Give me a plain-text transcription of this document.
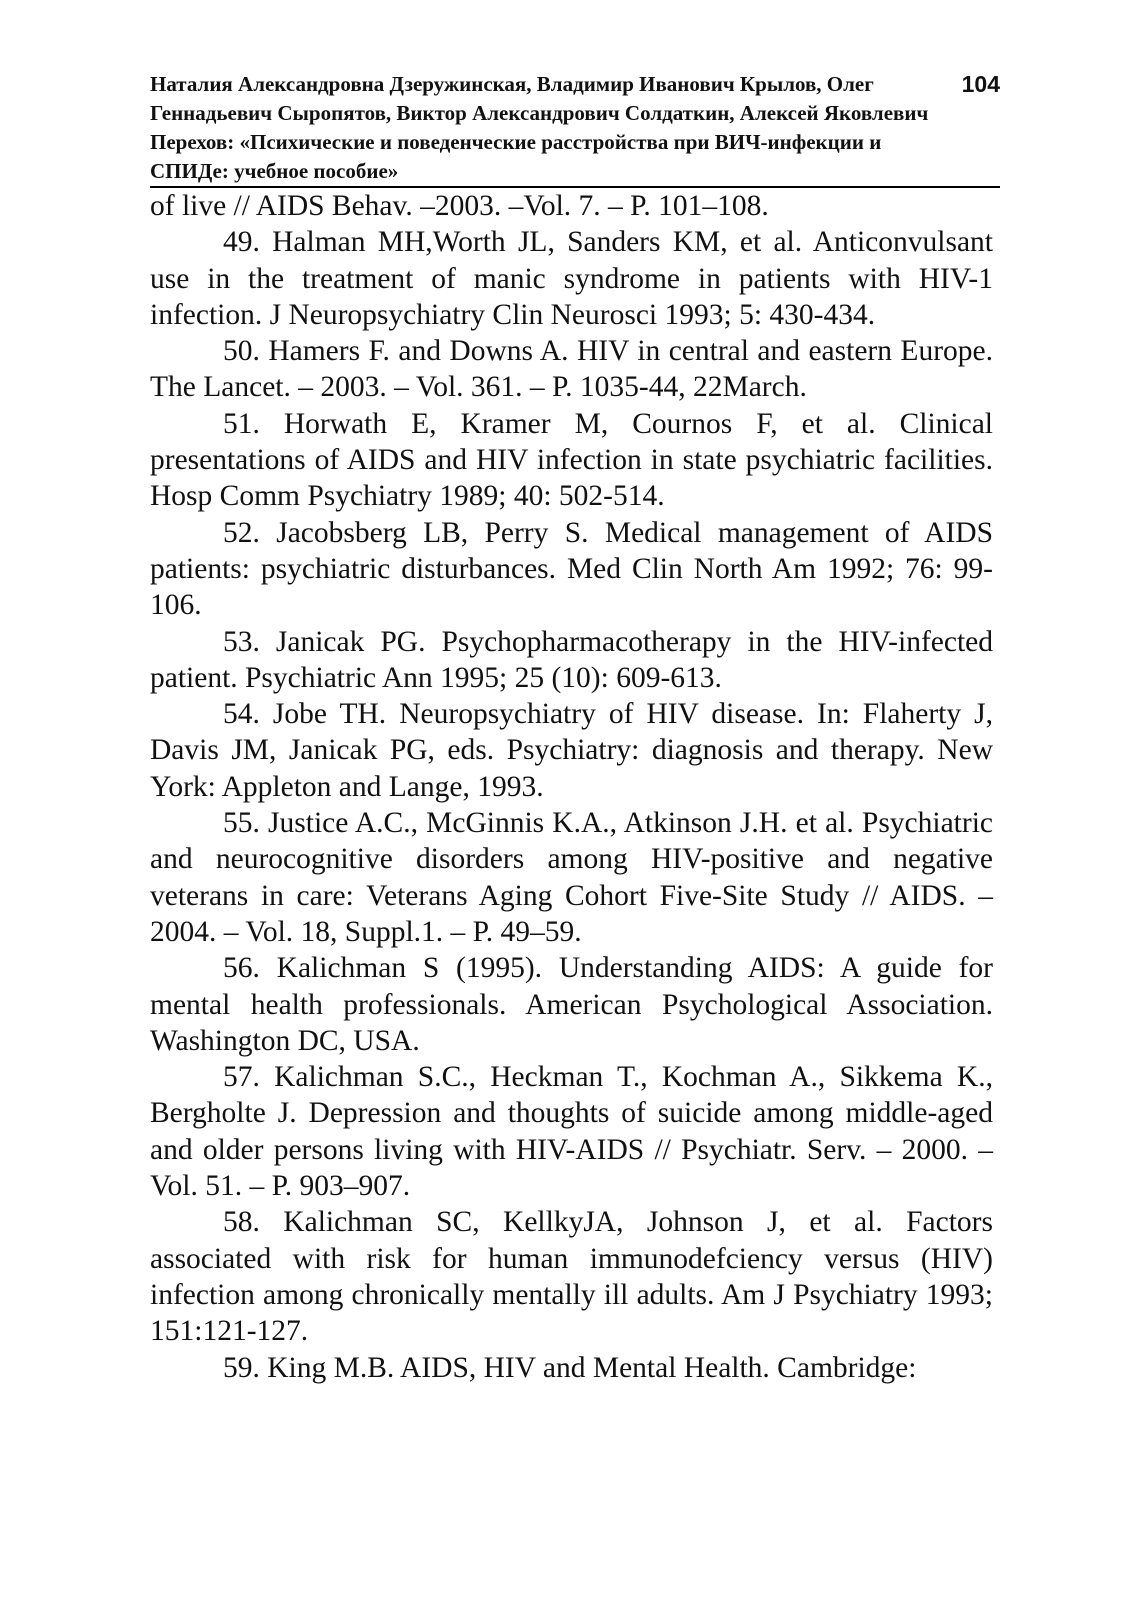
Наталия Александровна Дзеружинская, Владимир Иванович Крылов, Олег Геннадьевич Сыропятов, Виктор Александрович Солдаткин, Алексей Яковлевич Перехов: «Психические и поведенческие расстройства при ВИЧ-инфекции и СПИДе: учебное пособие»

104

of live // AIDS Behav. –2003. –Vol. 7. – P. 101–108.

49. Halman MH,Worth JL, Sanders KM, et al. Anticonvulsant use in the treatment of manic syndrome in patients with HIV-1 infection. J Neuropsychiatry Clin Neurosci 1993; 5: 430-434.

50. Hamers F. and Downs A. HIV in central and eastern Europe. The Lancet. – 2003. – Vol. 361. – P. 1035-44, 22March.

51. Horwath E, Kramer M, Cournos F, et al. Clinical presentations of AIDS and HIV infection in state psychiatric facilities. Hosp Comm Psychiatry 1989; 40: 502-514.

52. Jacobsberg LB, Perry S. Medical management of AIDS patients: psychiatric disturbances. Med Clin North Am 1992; 76: 99-106.

53. Janicak PG. Psychopharmacotherapy in the HIV-infected patient. Psychiatric Ann 1995; 25 (10): 609-613.

54. Jobe TH. Neuropsychiatry of HIV disease. In: Flaherty J, Davis JM, Janicak PG, eds. Psychiatry: diagnosis and therapy. New York: Appleton and Lange, 1993.

55. Justice A.C., McGinnis K.A., Atkinson J.H. et al. Psychiatric and neurocognitive disorders among HIV-positive and negative veterans in care: Veterans Aging Cohort Five-Site Study // AIDS. – 2004. – Vol. 18, Suppl.1. – P. 49–59.

56. Kalichman S (1995). Understanding AIDS: A guide for mental health professionals. American Psychological Association. Washington DC, USA.

57. Kalichman S.C., Heckman T., Kochman A., Sikkema K., Bergholte J. Depression and thoughts of suicide among middle-aged and older persons living with HIV-AIDS // Psychiatr. Serv. – 2000. – Vol. 51. – P. 903–907.

58. Kalichman SC, KellkyJA, Johnson J, et al. Factors associated with risk for human immunodefciency versus (HIV) infection among chronically mentally ill adults. Am J Psychiatry 1993; 151:121-127.

59. King M.B. AIDS, HIV and Mental Health. Cambridge:
